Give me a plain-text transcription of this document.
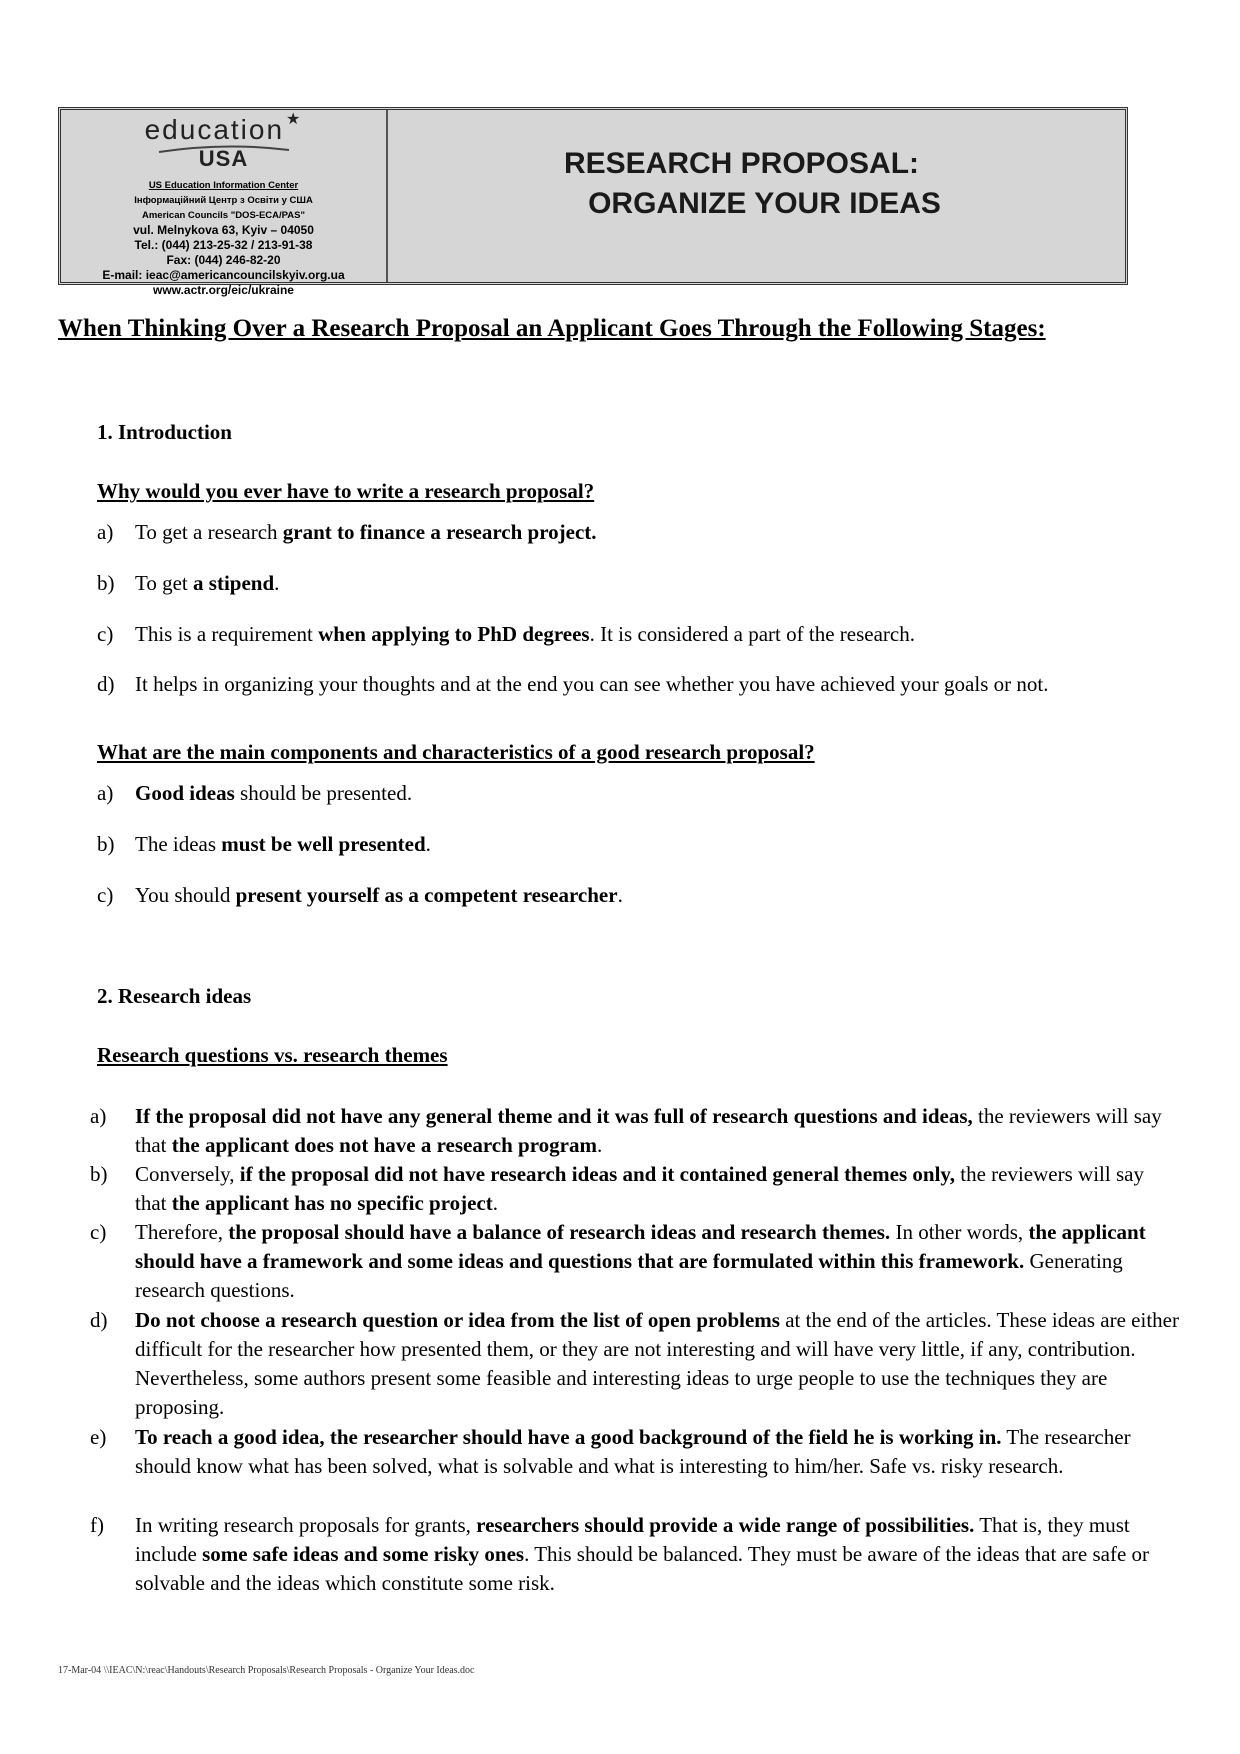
education ★
USA
US Education Information Center
Інформаційний Центр з Освіти у США
American Councils "DOS-ECA/PAS"
vul. Melnykova 63, Kyiv – 04050
Tel.: (044) 213-25-32 / 213-91-38
Fax: (044) 246-82-20
E-mail: ieac@americancouncilskyiv.org.ua
www.actr.org/eic/ukraine
RESEARCH PROPOSAL:
ORGANIZE YOUR IDEAS
When Thinking Over a Research Proposal an Applicant Goes Through the Following Stages:
1. Introduction
Why would you ever have to write a research proposal?
a)	To get a research grant to finance a research project.
b) To get a stipend.
c)	This is a requirement when applying to PhD degrees. It is considered a part of the research.
d) It helps in organizing your thoughts and at the end you can see whether you have achieved your goals or not.
What are the main components and characteristics of a good research proposal?
a)	Good ideas should be presented.
b) The ideas must be well presented.
c)	You should present yourself as a competent researcher.
2. Research ideas
Research questions vs. research themes
a)	If the proposal did not have any general theme and it was full of research questions and ideas, the reviewers will say that the applicant does not have a research program.
b)	Conversely, if the proposal did not have research ideas and it contained general themes only, the reviewers will say that the applicant has no specific project.
c)	Therefore, the proposal should have a balance of research ideas and research themes. In other words, the applicant should have a framework and some ideas and questions that are formulated within this framework. Generating research questions.
d)	Do not choose a research question or idea from the list of open problems at the end of the articles. These ideas are either difficult for the researcher how presented them, or they are not interesting and will have very little, if any, contribution. Nevertheless, some authors present some feasible and interesting ideas to urge people to use the techniques they are proposing.
e)	To reach a good idea, the researcher should have a good background of the field he is working in. The researcher should know what has been solved, what is solvable and what is interesting to him/her. Safe vs. risky research.
f)	In writing research proposals for grants, researchers should provide a wide range of possibilities. That is, they must include some safe ideas and some risky ones. This should be balanced. They must be aware of the ideas that are safe or solvable and the ideas which constitute some risk.
17-Mar-04 \\IEAC\N:\reac\Handouts\Research Proposals\Research Proposals - Organize Your Ideas.doc
